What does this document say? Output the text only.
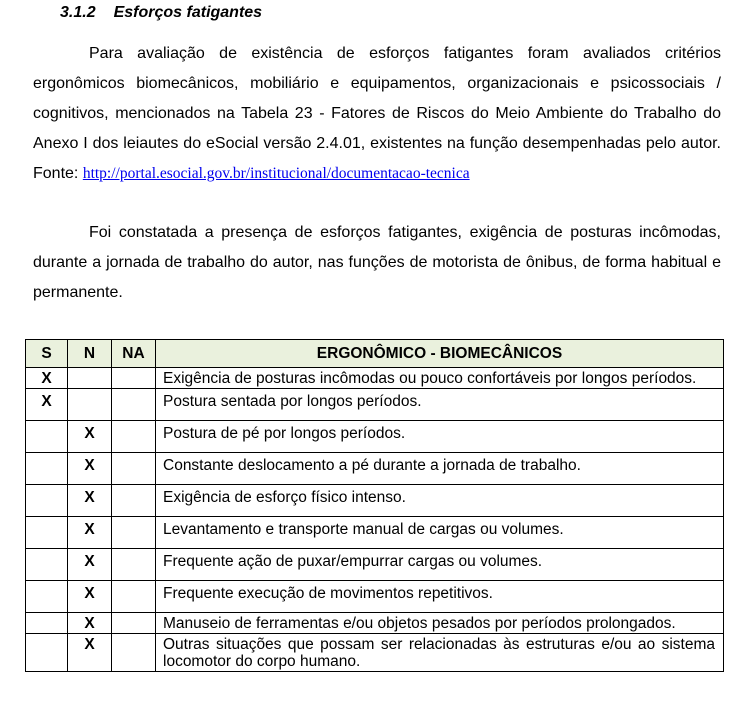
3.1.2 Esforços fatigantes

Para avaliação de existência de esforços fatigantes foram avaliados critérios ergonômicos biomecânicos, mobiliário e equipamentos, organizacionais e psicossociais / cognitivos, mencionados na Tabela 23 - Fatores de Riscos do Meio Ambiente do Trabalho do Anexo I dos leiautes do eSocial versão 2.4.01, existentes na função desempenhadas pelo autor. Fonte: http://portal.esocial.gov.br/institucional/documentacao-tecnica

Foi constatada a presença de esforços fatigantes, exigência de posturas incômodas, durante a jornada de trabalho do autor, nas funções de motorista de ônibus, de forma habitual e permanente.

S	N	NA	ERGONÔMICO - BIOMECÂNICOS
X			Exigência de posturas incômodas ou pouco confortáveis por longos períodos.
X			Postura sentada por longos períodos.
	X		Postura de pé por longos períodos.
	X		Constante deslocamento a pé durante a jornada de trabalho.
	X		Exigência de esforço físico intenso.
	X		Levantamento e transporte manual de cargas ou volumes.
	X		Frequente ação de puxar/empurrar cargas ou volumes.
	X		Frequente execução de movimentos repetitivos.
	X		Manuseio de ferramentas e/ou objetos pesados por períodos prolongados.
	X		Outras situações que possam ser relacionadas às estruturas e/ou ao sistema locomotor do corpo humano.
